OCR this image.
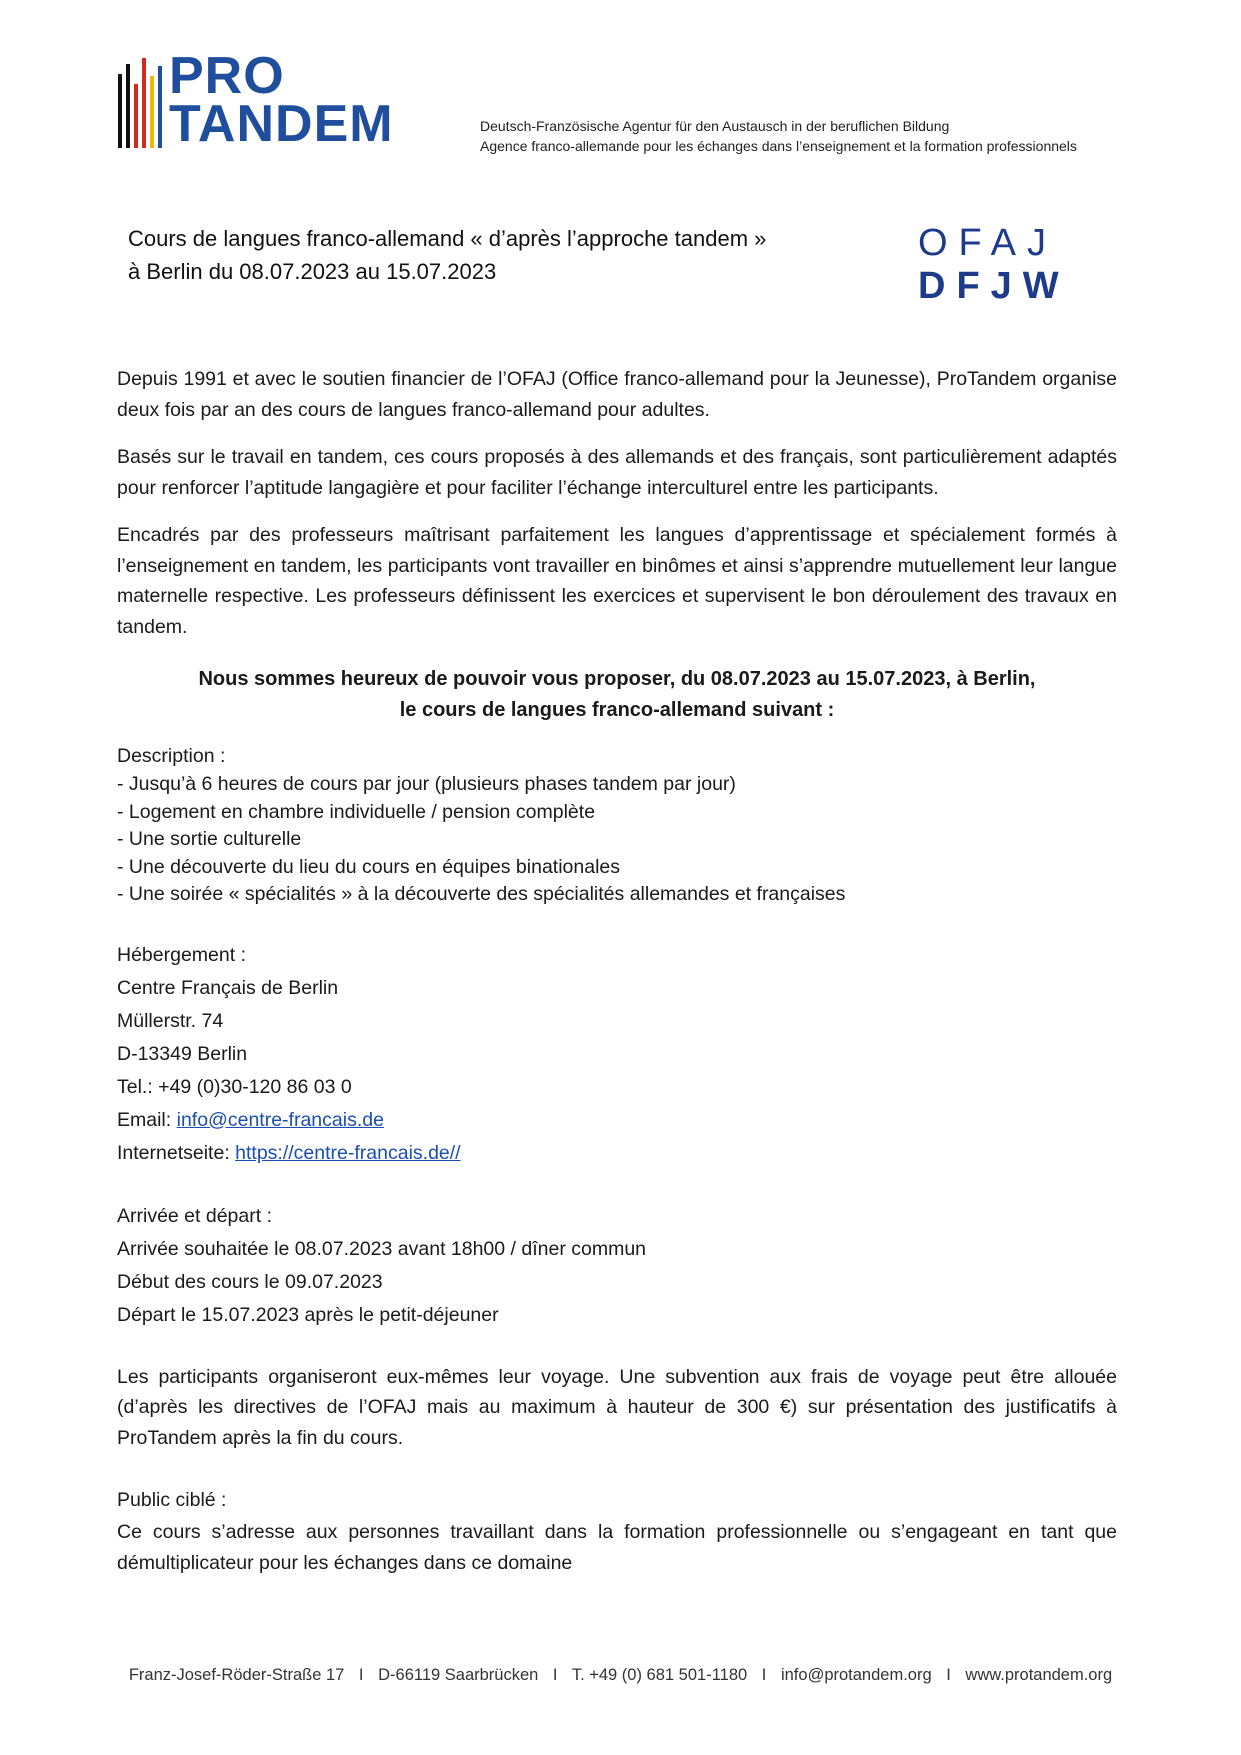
PRO
TANDEM	Deutsch-Französische Agentur für den Austausch in der beruflichen Bildung
Agence franco-allemande pour les échanges dans l’enseignement et la formation professionnels
Cours de langues franco-allemand « d’après l’approche tandem »
à Berlin du 08.07.2023 au 15.07.2023
OFAJ
DFJW

Depuis 1991 et avec le soutien financier de l’OFAJ (Office franco-allemand pour la Jeunesse), ProTandem organise deux fois par an des cours de langues franco-allemand pour adultes.

Basés sur le travail en tandem, ces cours proposés à des allemands et des français, sont particulièrement adaptés pour renforcer l’aptitude langagière et pour faciliter l’échange interculturel entre les participants.

Encadrés par des professeurs maîtrisant parfaitement les langues d’apprentissage et spécialement formés à l’enseignement en tandem, les participants vont travailler en binômes et ainsi s’apprendre mutuellement leur langue maternelle respective. Les professeurs définissent les exercices et supervisent le bon déroulement des travaux en tandem.

Nous sommes heureux de pouvoir vous proposer, du 08.07.2023 au 15.07.2023, à Berlin,
le cours de langues franco-allemand suivant :

Description :
- Jusqu’à 6 heures de cours par jour (plusieurs phases tandem par jour)
- Logement en chambre individuelle / pension complète
- Une sortie culturelle
- Une découverte du lieu du cours en équipes binationales
- Une soirée « spécialités » à la découverte des spécialités allemandes et françaises
Hébergement :
Centre Français de Berlin
Müllerstr. 74
D-13349 Berlin
Tel.: +49 (0)30-120 86 03 0
Email: info@centre-francais.de
Internetseite: https://centre-francais.de//
Arrivée et départ :
Arrivée souhaitée le 08.07.2023 avant 18h00 / dîner commun
Début des cours le 09.07.2023
Départ le 15.07.2023 après le petit-déjeuner

Les participants organiseront eux-mêmes leur voyage. Une subvention aux frais de voyage peut être allouée (d’après les directives de l’OFAJ mais au maximum à hauteur de 300 €) sur présentation des justificatifs à ProTandem après la fin du cours.

Public ciblé :

Ce cours s’adresse aux personnes travaillant dans la formation professionnelle ou s’engageant en tant que démultiplicateur pour les échanges dans ce domaine

Franz-Josef-Röder-Straße 17 I D-66119 Saarbrücken I T. +49 (0) 681 501-1180 I info@protandem.org I www.protandem.org
